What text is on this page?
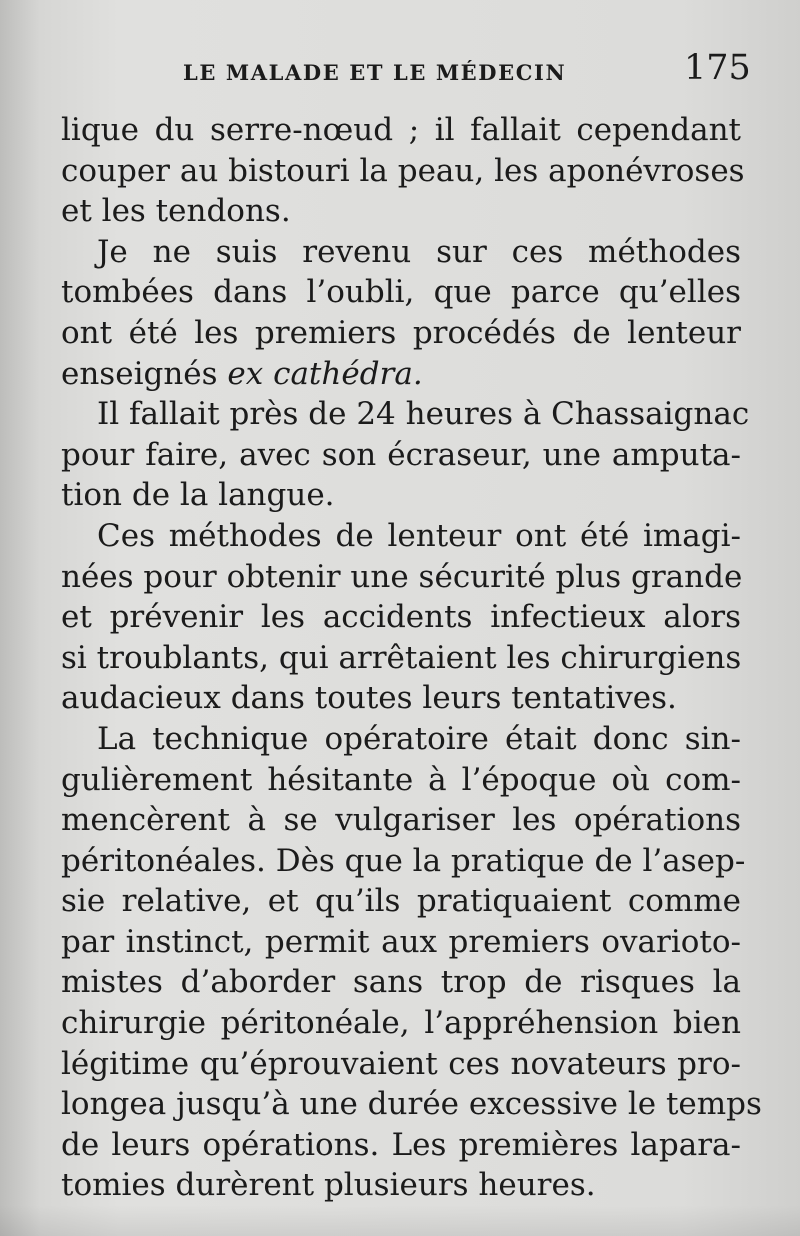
LE MALADE ET LE MÉDECIN	175
lique du serre-nœud ; il fallait cependant
couper au bistouri la peau, les aponévroses
et les tendons.
Je ne suis revenu sur ces méthodes
tombées dans l’oubli, que parce qu’elles
ont été les premiers procédés de lenteur
enseignés ex cathédra.
Il fallait près de 24 heures à Chassaignac
pour faire, avec son écraseur, une amputa-
tion de la langue.
Ces méthodes de lenteur ont été imagi-
nées pour obtenir une sécurité plus grande
et prévenir les accidents infectieux alors
si troublants, qui arrêtaient les chirurgiens
audacieux dans toutes leurs tentatives.
La technique opératoire était donc sin-
gulièrement hésitante à l’époque où com-
mencèrent à se vulgariser les opérations
péritonéales. Dès que la pratique de l’asep-
sie relative, et qu’ils pratiquaient comme
par instinct, permit aux premiers ovarioto-
mistes d’aborder sans trop de risques la
chirurgie péritonéale, l’appréhension bien
légitime qu’éprouvaient ces novateurs pro-
longea jusqu’à une durée excessive le temps
de leurs opérations. Les premières lapara-
tomies durèrent plusieurs heures.
